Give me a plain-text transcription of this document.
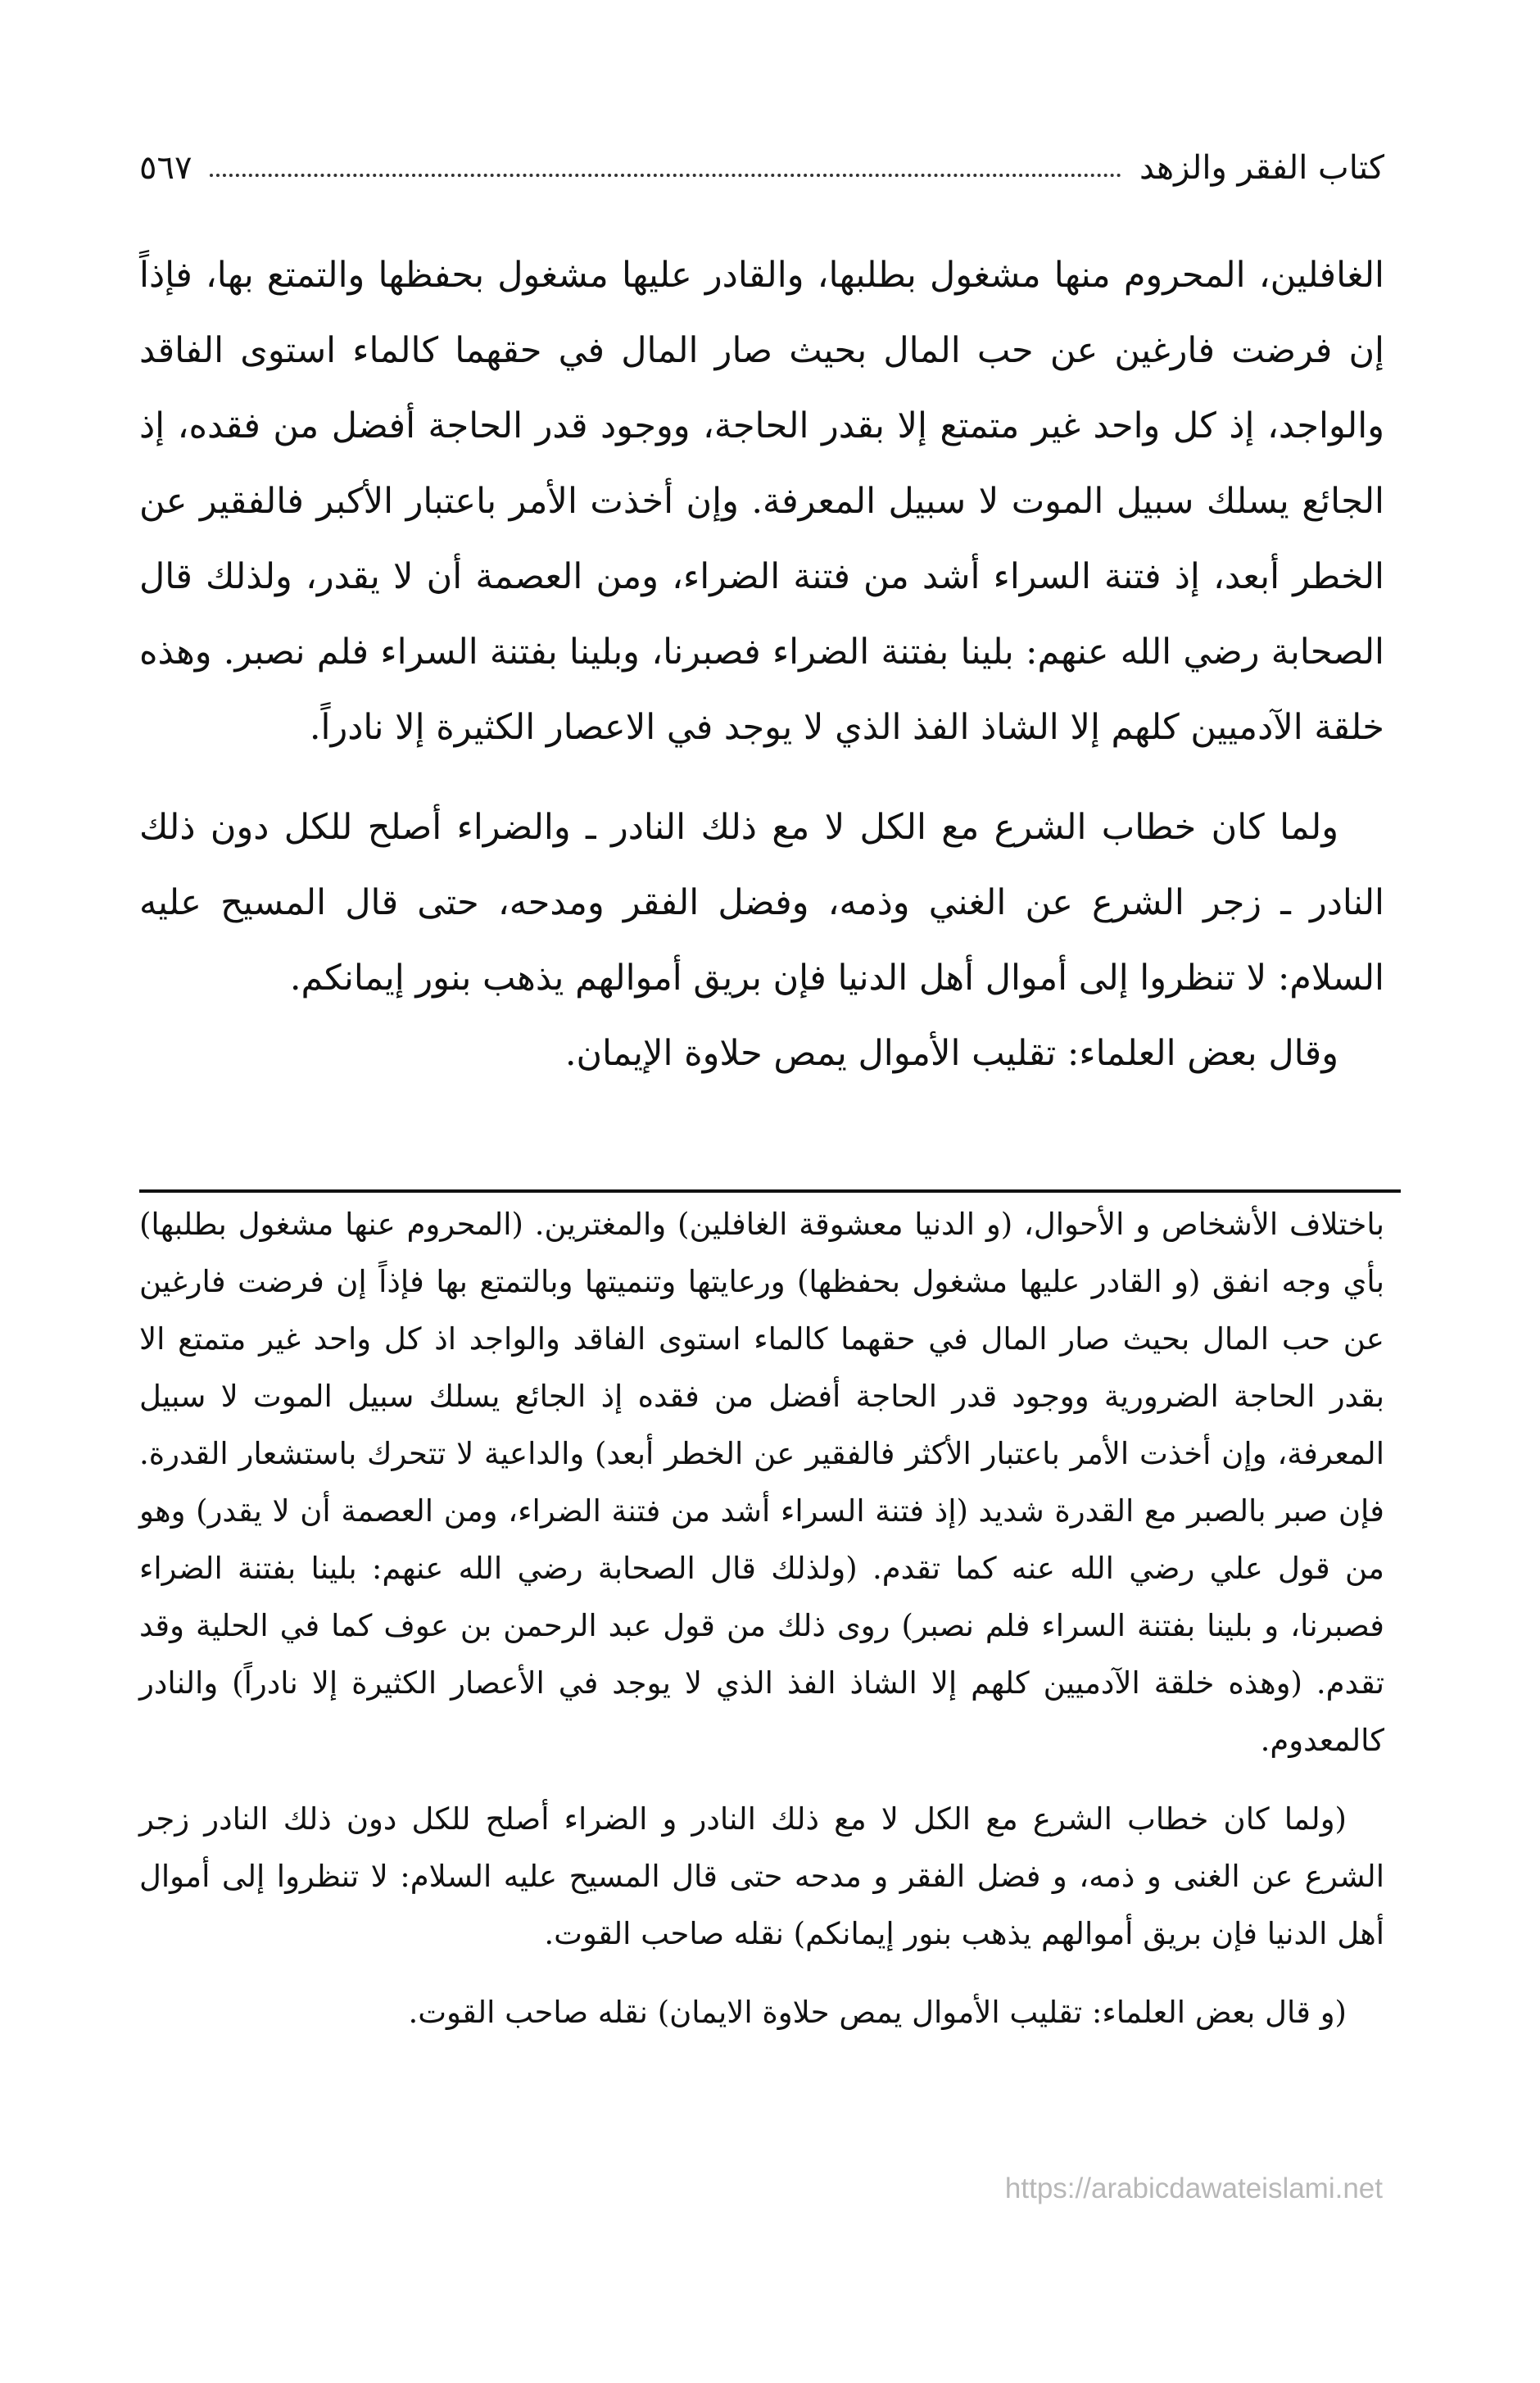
كتاب الفقر والزهد
٥٦٧

الغافلين، المحروم منها مشغول بطلبها، والقادر عليها مشغول بحفظها والتمتع بها، فإذاً إن فرضت فارغين عن حب المال بحيث صار المال في حقهما كالماء استوى الفاقد والواجد، إذ كل واحد غير متمتع إلا بقدر الحاجة، ووجود قدر الحاجة أفضل من فقده، إذ الجائع يسلك سبيل الموت لا سبيل المعرفة. وإن أخذت الأمر باعتبار الأكبر فالفقير عن الخطر أبعد، إذ فتنة السراء أشد من فتنة الضراء، ومن العصمة أن لا يقدر، ولذلك قال الصحابة رضي الله عنهم: بلينا بفتنة الضراء فصبرنا، وبلينا بفتنة السراء فلم نصبر. وهذه خلقة الآدميين كلهم إلا الشاذ الفذ الذي لا يوجد في الاعصار الكثيرة إلا نادراً.

ولما كان خطاب الشرع مع الكل لا مع ذلك النادر ـ والضراء أصلح للكل دون ذلك النادر ـ زجر الشرع عن الغني وذمه، وفضل الفقر ومدحه، حتى قال المسيح عليه السلام: لا تنظروا إلى أموال أهل الدنيا فإن بريق أموالهم يذهب بنور إيمانكم.

وقال بعض العلماء: تقليب الأموال يمص حلاوة الإيمان.

باختلاف الأشخاص و الأحوال، (و الدنيا معشوقة الغافلين) والمغترين. (المحروم عنها مشغول بطلبها) بأي وجه انفق (و القادر عليها مشغول بحفظها) ورعايتها وتنميتها وبالتمتع بها فإذاً إن فرضت فارغين عن حب المال بحيث صار المال في حقهما كالماء استوى الفاقد والواجد اذ كل واحد غير متمتع الا بقدر الحاجة الضرورية ووجود قدر الحاجة أفضل من فقده إذ الجائع يسلك سبيل الموت لا سبيل المعرفة، وإن أخذت الأمر باعتبار الأكثر فالفقير عن الخطر أبعد) والداعية لا تتحرك باستشعار القدرة. فإن صبر بالصبر مع القدرة شديد (إذ فتنة السراء أشد من فتنة الضراء، ومن العصمة أن لا يقدر) وهو من قول علي رضي الله عنه كما تقدم. (ولذلك قال الصحابة رضي الله عنهم: بلينا بفتنة الضراء فصبرنا، و بلينا بفتنة السراء فلم نصبر) روى ذلك من قول عبد الرحمن بن عوف كما في الحلية وقد تقدم. (وهذه خلقة الآدميين كلهم إلا الشاذ الفذ الذي لا يوجد في الأعصار الكثيرة إلا نادراً) والنادر كالمعدوم.

(ولما كان خطاب الشرع مع الكل لا مع ذلك النادر و الضراء أصلح للكل دون ذلك النادر زجر الشرع عن الغنى و ذمه، و فضل الفقر و مدحه حتى قال المسيح عليه السلام: لا تنظروا إلى أموال أهل الدنيا فإن بريق أموالهم يذهب بنور إيمانكم) نقله صاحب القوت.

(و قال بعض العلماء: تقليب الأموال يمص حلاوة الايمان) نقله صاحب القوت.

https://arabicdawateislami.net
